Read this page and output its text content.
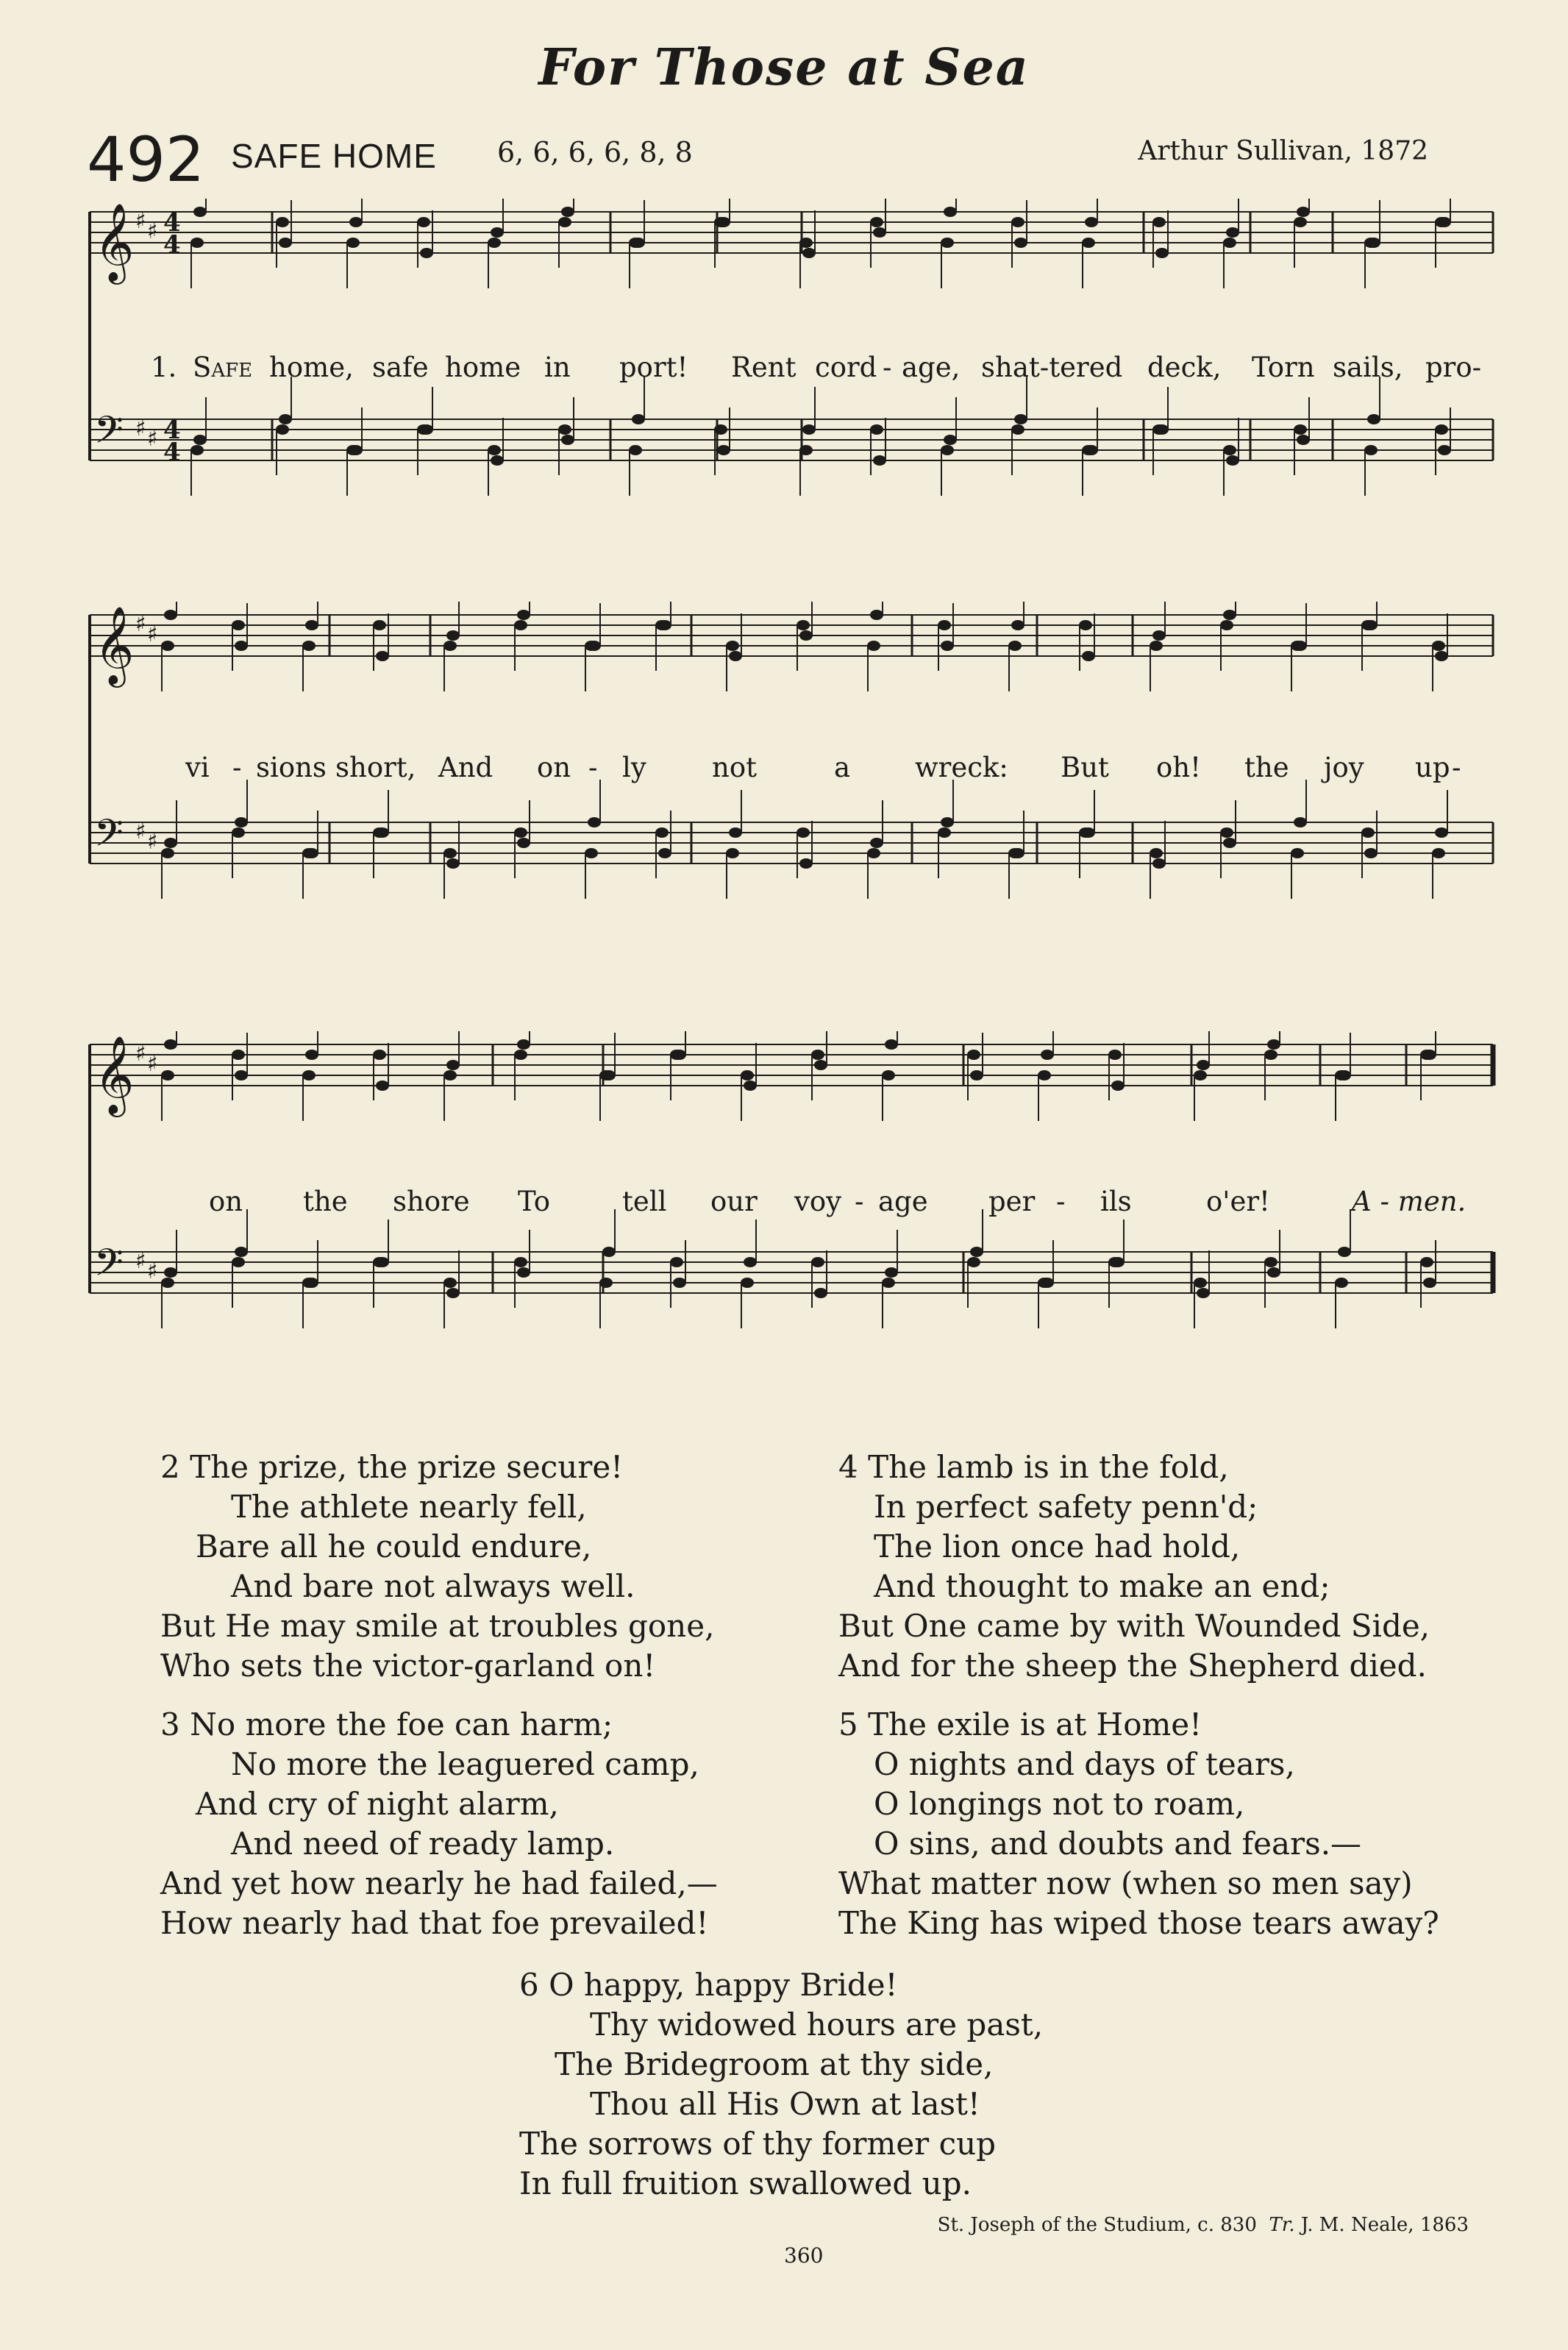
For Those at Sea
492 SAFE HOME 6, 6, 6, 6, 8, 8	Arthur Sullivan, 1872
𝄞 ♯ ♯ 4
4
𝄢 ♯ ♯ 4
4
𝄞 ♯ ♯
𝄢 ♯ ♯
𝄞 ♯ ♯
𝄢 ♯ ♯
1. Safe home, safe home in port! Rent cord - age, shat-tered deck, Torn sails, pro-
vi - sions short, And on - ly not	a wreck: But oh! the joy up -
on the shore To	tell our voy - age per - ils	o'er!	A - men.

2 The prize, the prize secure!

The athlete nearly fell,

Bare all he could endure,

And bare not always well.

But He may smile at troubles gone,

Who sets the victor-garland on!

3 No more the foe can harm;

No more the leaguered camp,

And cry of night alarm,

And need of ready lamp.

And yet how nearly he had failed,—

How nearly had that foe prevailed!

4 The lamb is in the fold,

In perfect safety penn'd;

The lion once had hold,

And thought to make an end;

But One came by with Wounded Side,

And for the sheep the Shepherd died.

5 The exile is at Home!

O nights and days of tears,

O longings not to roam,

O sins, and doubts and fears.—

What matter now (when so men say)

The King has wiped those tears away?

6 O happy, happy Bride!

Thy widowed hours are past,

The Bridegroom at thy side,

Thou all His Own at last!

The sorrows of thy former cup

In full fruition swallowed up.

St. Joseph of the Studium, c. 830 Tr. J. M. Neale, 1863
360
